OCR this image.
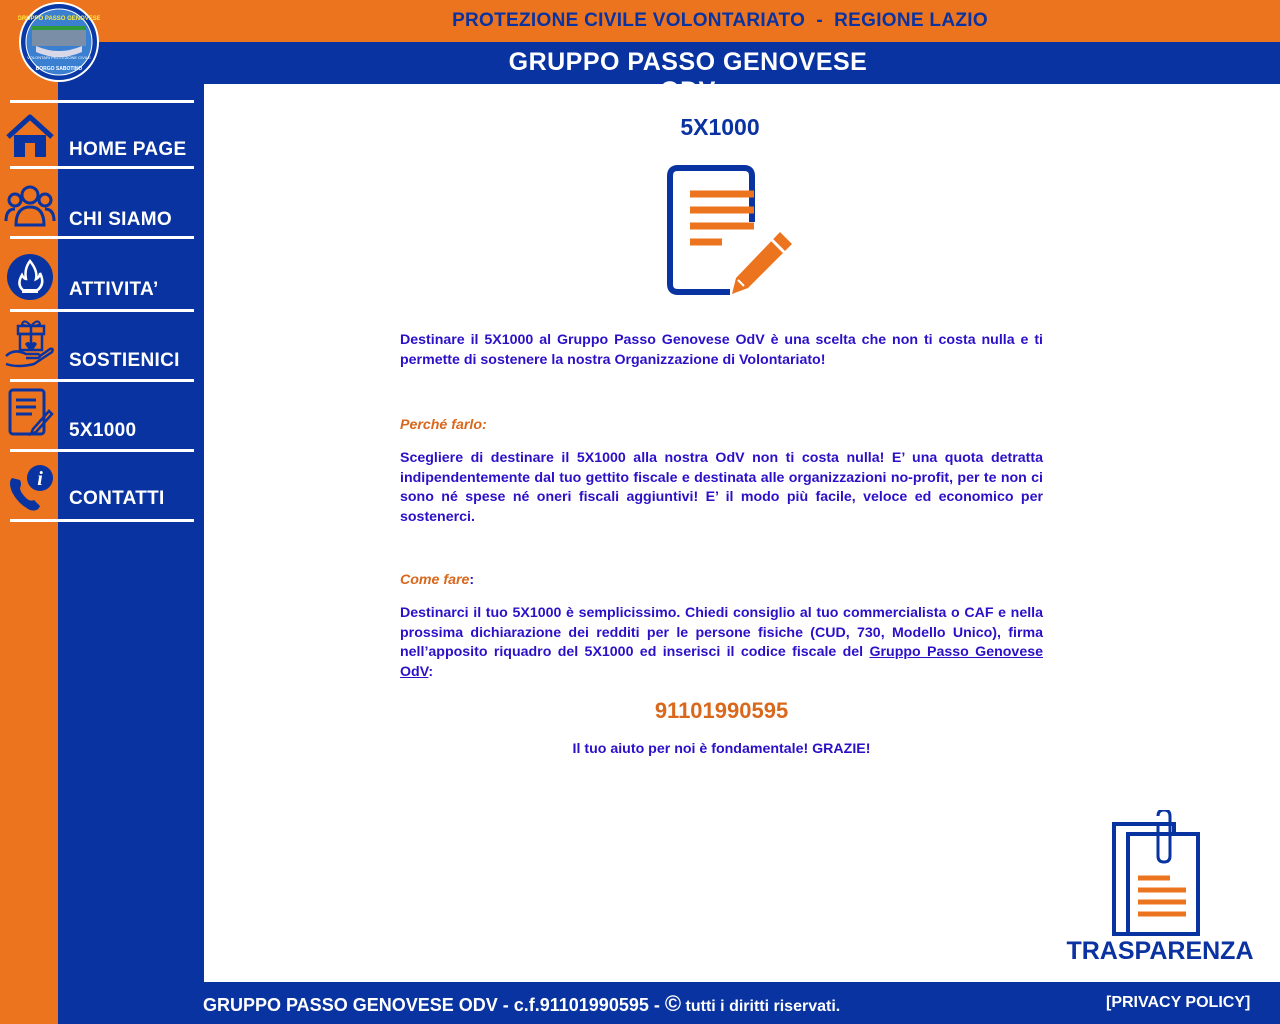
PROTEZIONE CIVILE VOLONTARIATO  -  REGIONE LAZIO
GRUPPO PASSO GENOVESE
GRUPPO PASSO GENOVESE
VOLONTARI PROTEZIONE CIVILE
BORGO SABOTINO
HOME PAGE
CHI SIAMO
ATTIVITA’
SOSTIENICI
5X1000
i
CONTATTI
5X1000

Destinare il 5X1000 al Gruppo Passo Genovese OdV è una scelta che non ti costa nulla e ti permette di sostenere la nostra Organizzazione di Volontariato!

Perché farlo:

Scegliere di destinare il 5X1000 alla nostra OdV non ti costa nulla! E’ una quota detratta indipendentemente dal tuo gettito fiscale e destinata alle organizzazioni no-profit, per te non ci sono né spese né oneri fiscali aggiuntivi! E’ il modo più facile, veloce ed economico per sostenerci.

Come fare:

Destinarci il tuo 5X1000 è semplicissimo. Chiedi consiglio al tuo commercialista o CAF e nella prossima dichiarazione dei redditi per le persone fisiche (CUD, 730, Modello Unico), firma nell’apposito riquadro del 5X1000 ed inserisci il codice fiscale del Gruppo Passo Genovese OdV:

91101990595
Il tuo aiuto per noi è fondamentale! GRAZIE!
TRASPARENZA
GRUPPO PASSO GENOVESE ODV - c.f.91101990595 - © tutti i diritti riservati.	[PRIVACY POLICY]
